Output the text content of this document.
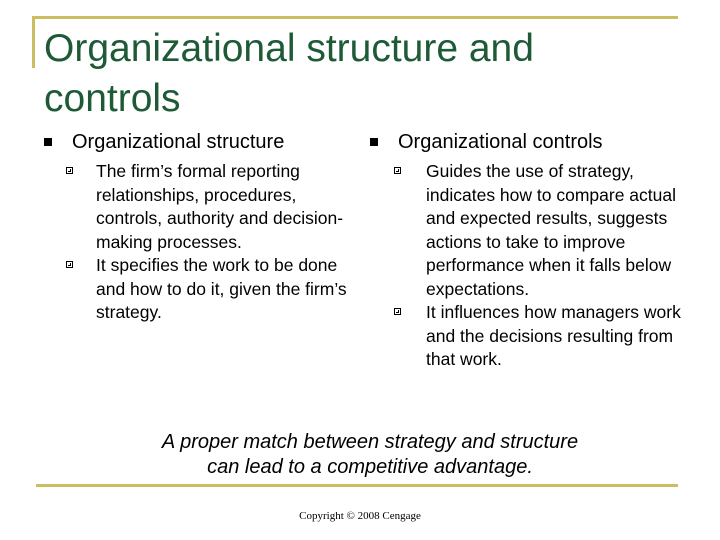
Organizational structure and controls
Organizational structure
The firm’s formal reporting relationships, procedures, controls, authority and decision-making processes.
It specifies the work to be done and how to do it, given the firm’s strategy.
Organizational controls
Guides the use of strategy, indicates how to compare actual and expected results, suggests actions to take to improve performance when it falls below expectations.
It influences how managers work and the decisions resulting from that work.
A proper match between strategy and structure
can lead to a competitive advantage.
Copyright © 2008 Cengage
